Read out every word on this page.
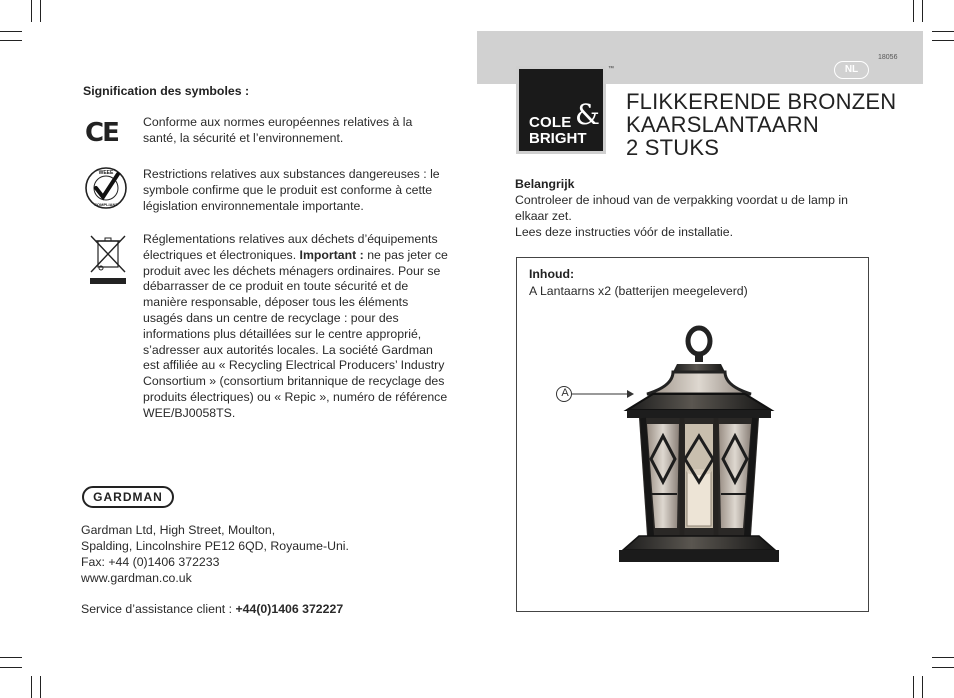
Signification des symboles :
CE Conforme aux normes européennes relatives à la santé, la sécurité et l’environnement.
WEEE
COMPLIANT
Restrictions relatives aux substances dangereuses : le symbole confirme que le produit est conforme à cette législation environnementale importante.
Réglementations relatives aux déchets d’équipements électriques et électroniques. Important : ne pas jeter ce produit avec les déchets ménagers ordinaires. Pour se débarrasser de ce produit en toute sécurité et de manière responsable, déposer tous les éléments usagés dans un centre de recyclage : pour des informations plus détaillées sur le centre approprié, s’adresser aux autorités locales. La société Gardman est affiliée au « Recycling Electrical Producers’ Industry Consortium » (consortium britannique de recyclage des produits électriques) ou « Repic », numéro de référence WEE/BJ0058TS.
GARDMAN
Gardman Ltd, High Street, Moulton,
Spalding, Lincolnshire PE12 6QD, Royaume-Uni.
Fax: +44 (0)1406 372233
www.gardman.co.uk
Service d’assistance client : +44(0)1406 372227
18056
NL
COLE &
BRIGHT
™
FLIKKERENDE BRONZEN
KAARSLANTAARN
2 STUKS
Belangrijk
Controleer de inhoud van de verpakking voordat u de lamp in elkaar zet.
Lees deze instructies vóór de installatie.
Inhoud:
A Lantaarns x2 (batterijen meegeleverd)
A
